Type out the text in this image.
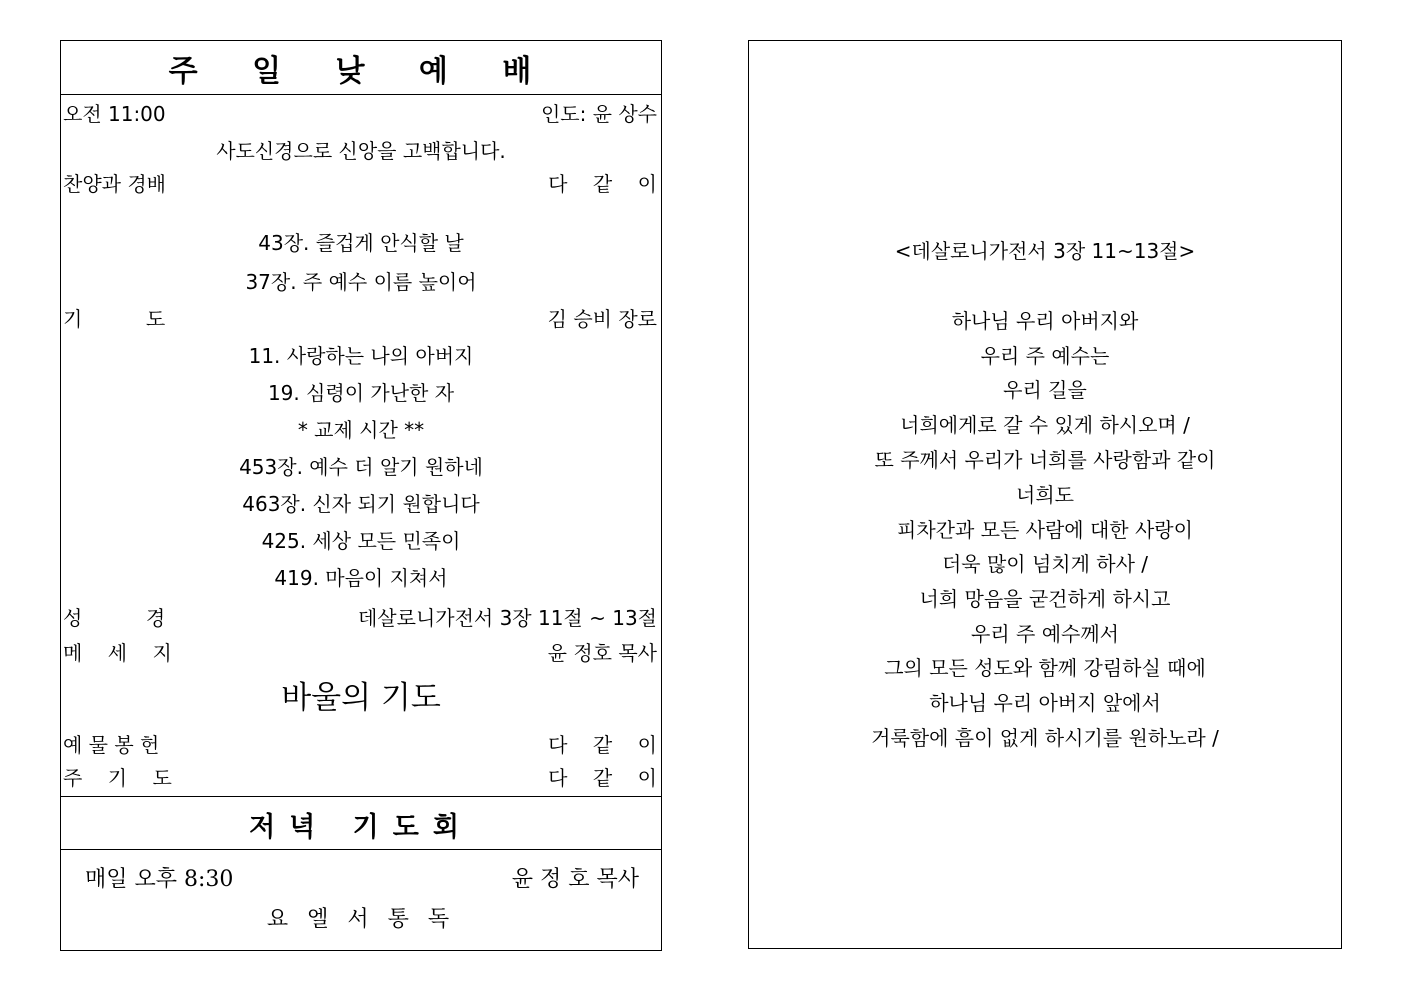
주 일 낮 예 배
오전 11:00	인도: 윤 상수
사도신경으로 신앙을 고백합니다.
찬양과 경배	다    같    이
43장. 즐겁게 안식할 날
37장. 주 예수 이름 높이어
기          도	김 승비 장로
11. 사랑하는 나의 아버지
19. 심령이 가난한 자
* 교제 시간 **
453장. 예수 더 알기 원하네
463장. 신자 되기 원합니다
425. 세상 모든 민족이
419. 마음이 지쳐서
성          경	데살로니가전서 3장 11절 ~ 13절
메    세    지	윤 정호 목사
바울의 기도
예 물 봉 헌	다    같    이
주    기    도	다    같    이
저녁 기도회
매일 오후 8:30	윤 정 호 목사
요 엘 서 통 독
<데살로니가전서 3장 11~13절>
하나님 우리 아버지와
우리 주 예수는
우리 길을
너희에게로 갈 수 있게 하시오며 /
또 주께서 우리가 너희를 사랑함과 같이
너희도
피차간과 모든 사람에 대한 사랑이
더욱 많이 넘치게 하사 /
너희 망음을 굳건하게 하시고
우리 주 예수께서
그의 모든 성도와 함께 강림하실 때에
하나님 우리 아버지 앞에서
거룩함에 흠이 없게 하시기를 원하노라 /
